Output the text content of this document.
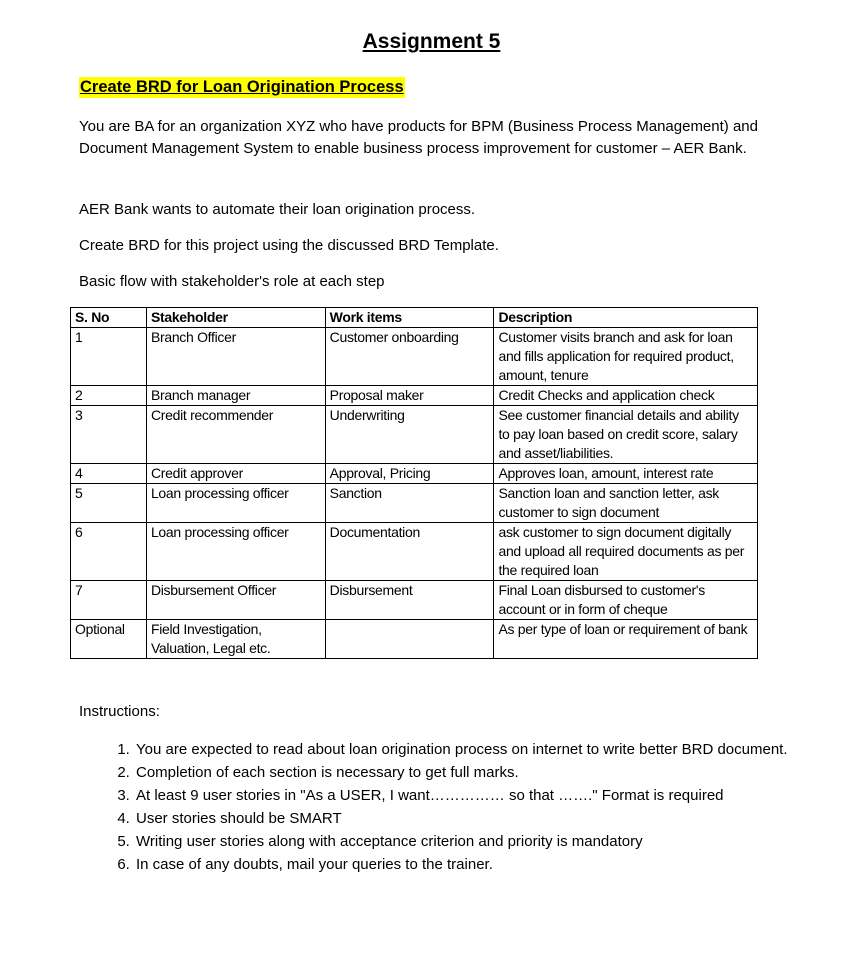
Assignment 5
Create BRD for Loan Origination Process
You are BA for an organization XYZ who have products for BPM (Business Process Management) and Document Management System to enable business process improvement for customer – AER Bank.
AER Bank wants to automate their loan origination process.
Create BRD for this project using the discussed BRD Template.
Basic flow with stakeholder's role at each step
S. No	Stakeholder	Work items	Description
1	Branch Officer	Customer onboarding	Customer visits branch and ask for loan and fills application for required product, amount, tenure
2	Branch manager	Proposal maker	Credit Checks and application check
3	Credit recommender	Underwriting	See customer financial details and ability to pay loan based on credit score, salary and asset/liabilities.
4	Credit approver	Approval, Pricing	Approves loan, amount, interest rate
5	Loan processing officer	Sanction	Sanction loan and sanction letter, ask customer to sign document
6	Loan processing officer	Documentation	ask customer to sign document digitally and upload all required documents as per the required loan
7	Disbursement Officer	Disbursement	Final Loan disbursed to customer's account or in form of cheque
Optional	Field Investigation, Valuation, Legal etc.		As per type of loan or requirement of bank
Instructions:
1. You are expected to read about loan origination process on internet to write better BRD document.
2. Completion of each section is necessary to get full marks.
3. At least 9 user stories in "As a USER, I want…………… so that ……." Format is required
4. User stories should be SMART
5. Writing user stories along with acceptance criterion and priority is mandatory
6. In case of any doubts, mail your queries to the trainer.
